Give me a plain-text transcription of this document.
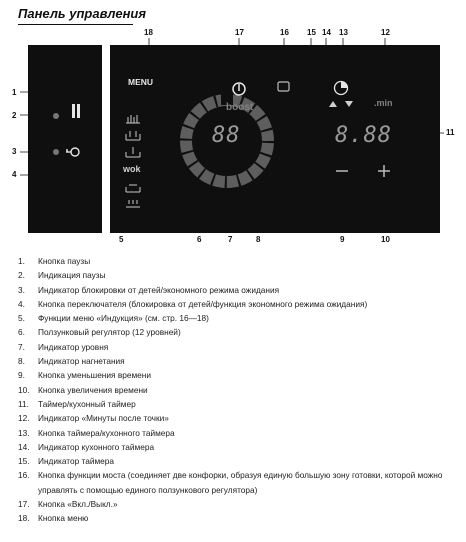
Панель управления
1
2
3
4
5	6	7	8	9	10
11
12
13
14
15
16
17
18
MENU
boost
88	8.88
.min
wok
1.	Кнопка паузы
2.	Индикация паузы
3.	Индикатор блокировки от детей/экономного режима ожидания
4.	Кнопка переключателя (блокировка от детей/функция экономного режима ожидания)
5.	Функции меню «Индукция» (см. стр. 16—18)
6.	Ползунковый регулятор (12 уровней)
7.	Индикатор уровня
8.	Индикатор нагнетания
9.	Кнопка уменьшения времени
10.	Кнопка увеличения времени
11.	Таймер/кухонный таймер
12.	Индикатор «Минуты после точки»
13.	Кнопка таймера/кухонного таймера
14.	Индикатор кухонного таймера
15.	Индикатор таймера
16.	Кнопка функции моста (соединяет две конфорки, образуя единую большую зону готовки, которой можно управлять с помощью единого ползункового регулятора)
17.	Кнопка «Вкл./Выкл.»
18.	Кнопка меню
